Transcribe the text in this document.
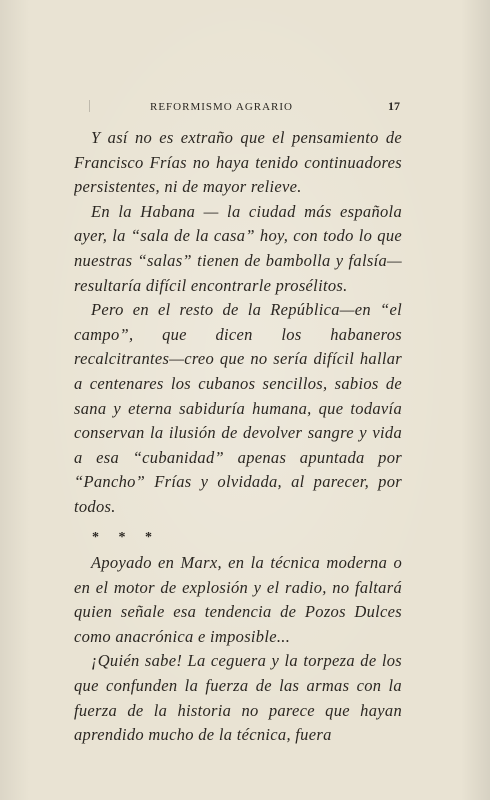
REFORMISMO AGRARIO	17

Y así no es extraño que el pensamiento de Francisco Frías no haya tenido continuadores persistentes, ni de mayor relieve.

En la Habana — la ciudad más española ayer, la “sala de la casa” hoy, con todo lo que nuestras “salas” tienen de bambolla y falsía—resultaría difícil encontrarle prosélitos.

Pero en el resto de la República—en “el campo”, que dicen los habaneros recalcitrantes—creo que no sería difícil hallar a centenares los cubanos sencillos, sabios de sana y eterna sabiduría humana, que todavía conservan la ilusión de devolver sangre y vida a esa “cubanidad” apenas apuntada por “Pancho” Frías y olvidada, al parecer, por todos.

* * *

Apoyado en Marx, en la técnica moderna o en el motor de explosión y el radio, no faltará quien señale esa tendencia de Pozos Dulces como anacrónica e imposible...

¡Quién sabe! La ceguera y la torpeza de los que confunden la fuerza de las armas con la fuerza de la historia no parece que hayan aprendido mucho de la técnica, fuera
